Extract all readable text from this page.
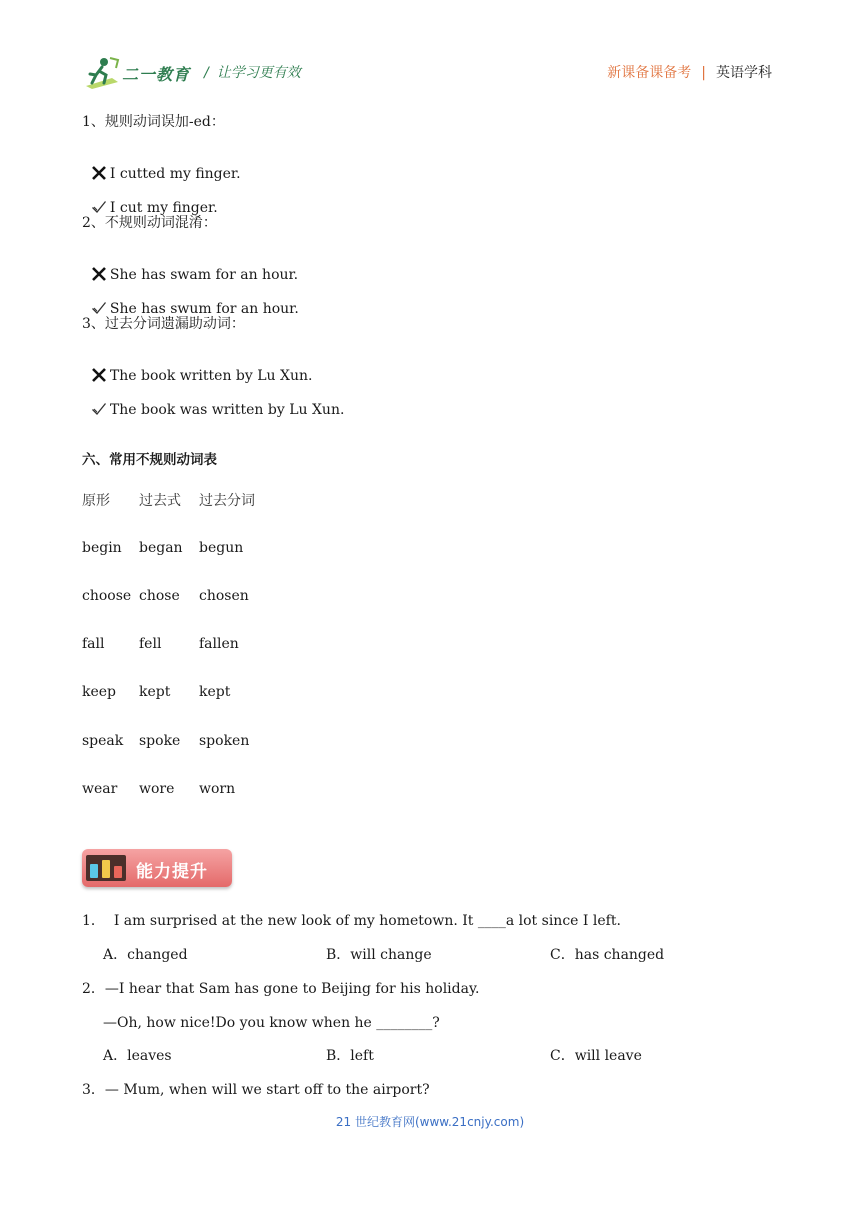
二一教育 / 让学习更有效	新课备课备考 | 英语学科
1、规则动词误加-ed：

I cutted my finger.

I cut my finger.

2、不规则动词混淆：

She has swam for an hour.

She has swum for an hour.

3、过去分词遗漏助动词：

The book written by Lu Xun.

The book was written by Lu Xun.

六、常用不规则动词表
原形 过去式 过去分词
begin began begun
choose chose chosen
fall fell	fallen
keep kept kept
speak spoke spoken
wear wore worn
能力提升
1． I am surprised at the new look of my hometown. It ____a lot since I left.
A．changed	B．will change	C．has changed
2．—I hear that Sam has gone to Beijing for his holiday.
—Oh, how nice!Do you know when he ________?
A．leaves	B．left	C．will leave
3．— Mum, when will we start off to the airport?
21 世纪教育网(www.21cnjy.com)
